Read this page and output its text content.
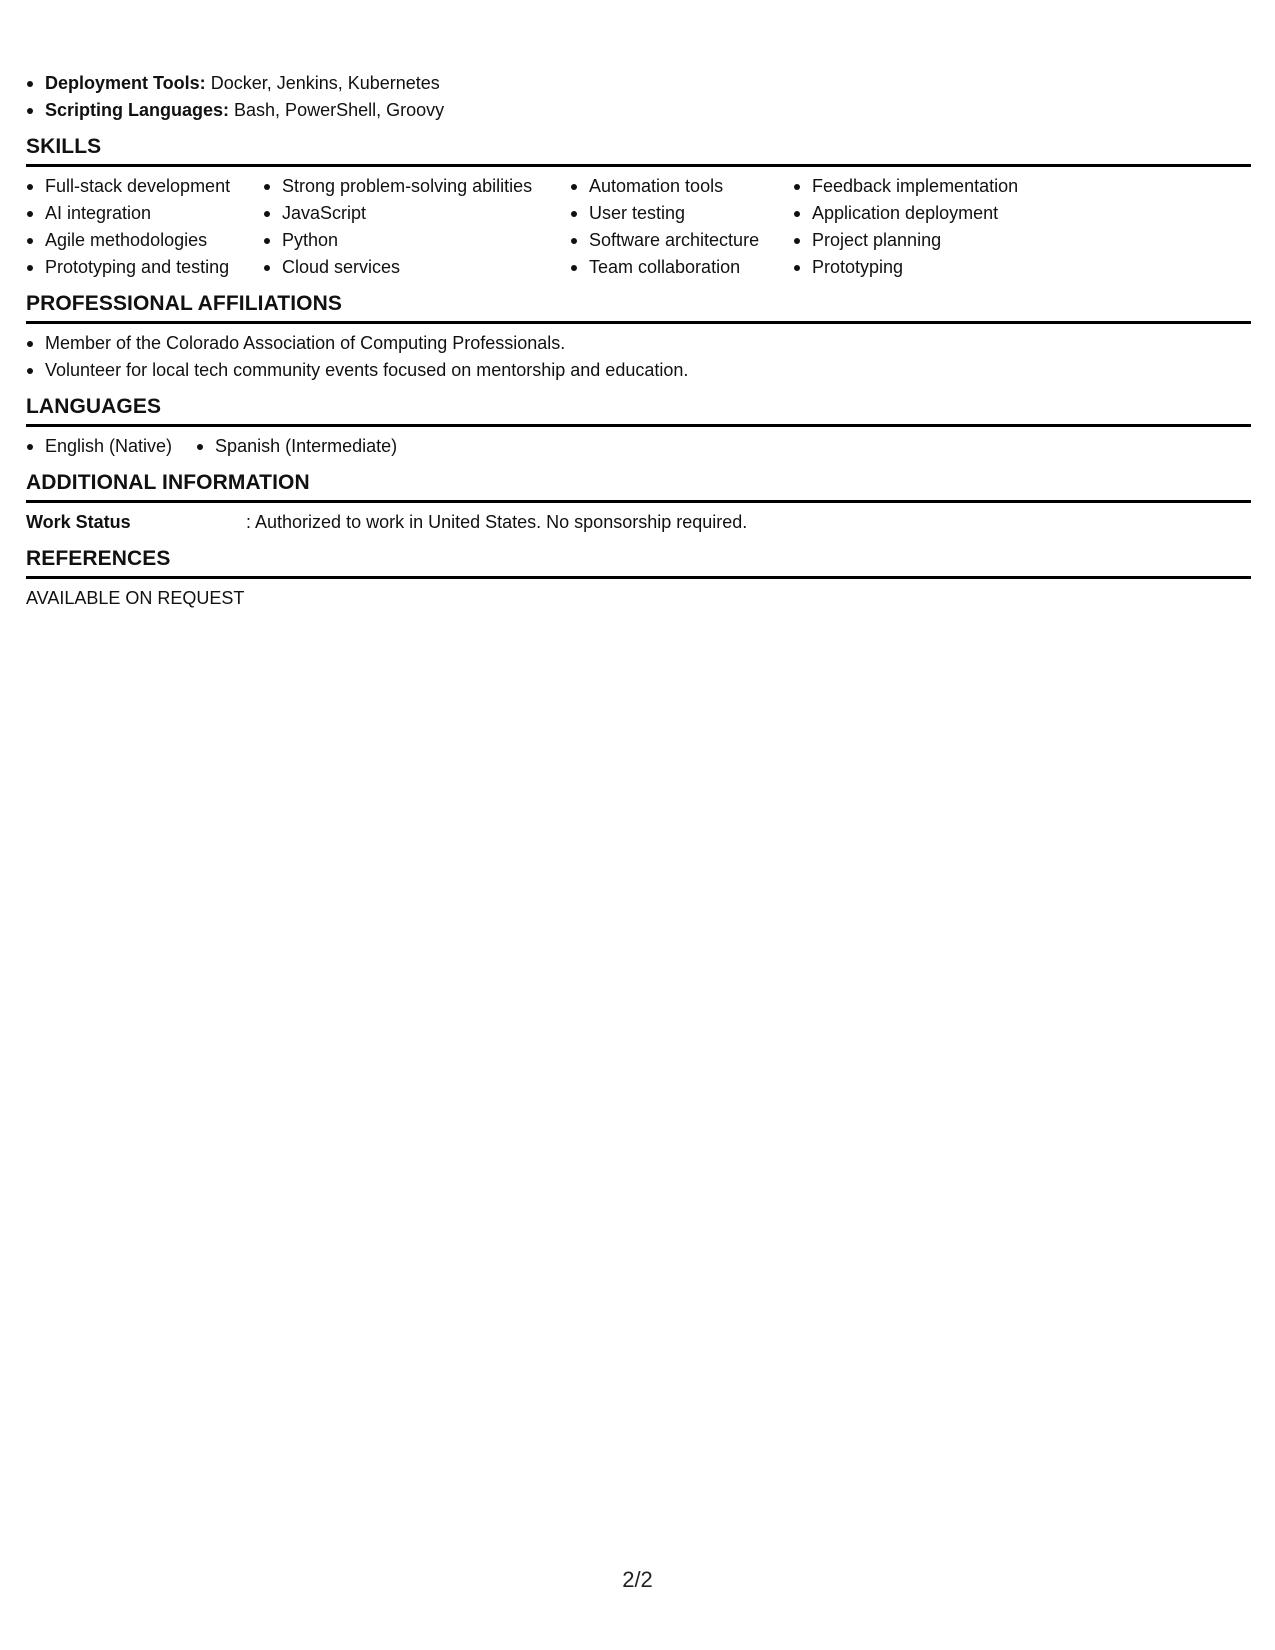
Deployment Tools: Docker, Jenkins, Kubernetes
Scripting Languages: Bash, PowerShell, Groovy
SKILLS
Full-stack development
AI integration
Agile methodologies
Prototyping and testing
Strong problem-solving abilities
JavaScript
Python
Cloud services
Automation tools
User testing
Software architecture
Team collaboration
Feedback implementation
Application deployment
Project planning
Prototyping
PROFESSIONAL AFFILIATIONS
Member of the Colorado Association of Computing Professionals.
Volunteer for local tech community events focused on mentorship and education.
LANGUAGES
English (Native)	Spanish (Intermediate)
ADDITIONAL INFORMATION
Work Status	: Authorized to work in United States. No sponsorship required.
REFERENCES
AVAILABLE ON REQUEST
2/2
